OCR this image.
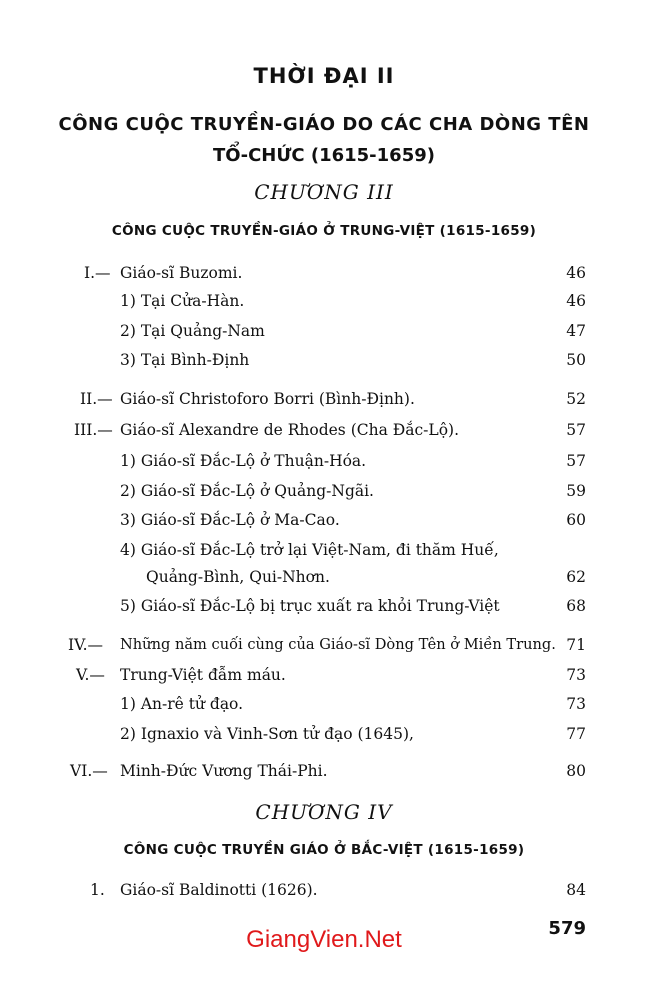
THỜI ĐẠI II
CÔNG CUỘC TRUYỀN-GIÁO DO CÁC CHA DÒNG TÊN
TỔ-CHỨC (1615-1659)
CHƯƠNG III
CÔNG CUỘC TRUYỀN-GIÁO Ở TRUNG-VIỆT (1615-1659)
I.— Giáo-sĩ Buzomi.	46
1) Tại Cửa-Hàn.	46
2) Tại Quảng-Nam	47
3) Tại Bình-Định	50
II.— Giáo-sĩ Christoforo Borri (Bình-Định).	52
III.— Giáo-sĩ Alexandre de Rhodes (Cha Đắc-Lộ).	57
1) Giáo-sĩ Đắc-Lộ ở Thuận-Hóa.	57
2) Giáo-sĩ Đắc-Lộ ở Quảng-Ngãi.	59
3) Giáo-sĩ Đắc-Lộ ở Ma-Cao.	60
4) Giáo-sĩ Đắc-Lộ trở lại Việt-Nam, đi thăm Huế,
Quảng-Bình, Qui-Nhơn.	62
5) Giáo-sĩ Đắc-Lộ bị trục xuất ra khỏi Trung-Việt	68
IV.— Những năm cuối cùng của Giáo-sĩ Dòng Tên ở Miền Trung. 71
V.— Trung-Việt đẫm máu.	73
1) An-rê tử đạo.	73
2) Ignaxio và Vinh-Sơn tử đạo (1645),	77
VI.— Minh-Đức Vương Thái-Phi.	80
CHƯƠNG IV
CÔNG CUỘC TRUYỀN GIÁO Ở BẮC-VIỆT (1615-1659)
1. Giáo-sĩ Baldinotti (1626).	84
GiangVien.Net	579
